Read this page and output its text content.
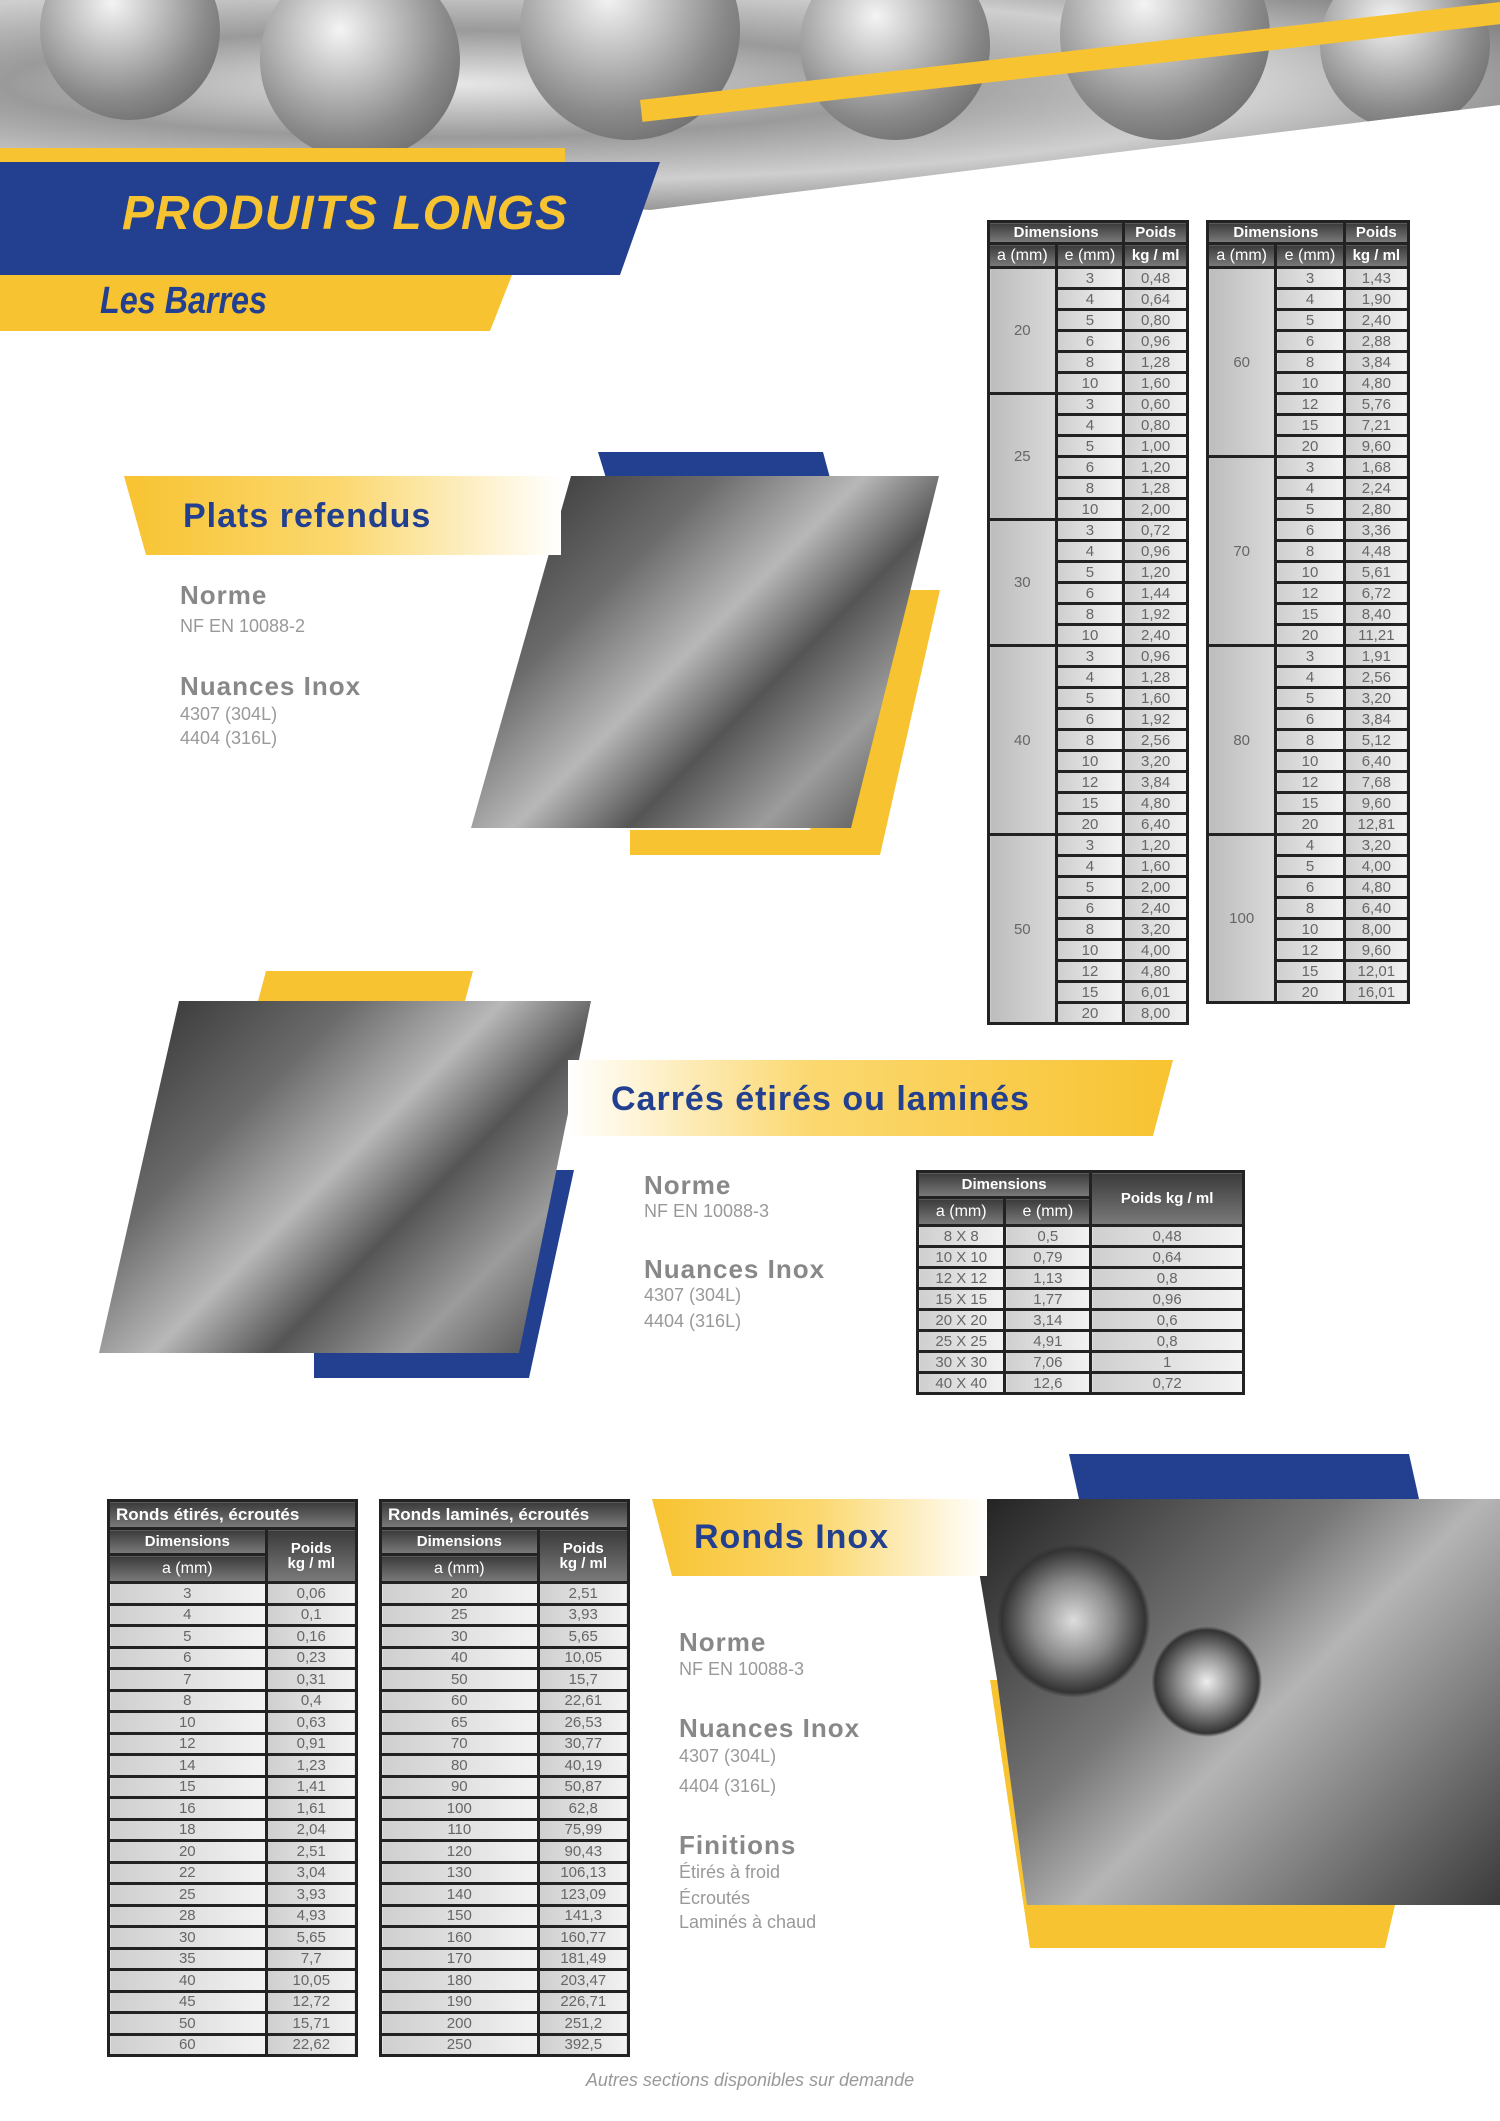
PRODUITS LONGS
Les Barres
Plats refendus
Norme
NF EN 10088-2
Nuances Inox
4307 (304L)
4404 (316L)
Dimensions		Poids
a (mm)	e (mm)	kg / ml
20	3	0,48
	4	0,64
	5	0,80
	6	0,96
	8	1,28
	10	1,60
25	3	0,60
	4	0,80
	5	1,00
	6	1,20
	8	1,28
	10	2,00
30	3	0,72
	4	0,96
	5	1,20
	6	1,44
	8	1,92
	10	2,40
40	3	0,96
	4	1,28
	5	1,60
	6	1,92
	8	2,56
	10	3,20
	12	3,84
	15	4,80
	20	6,40
50	3	1,20
	4	1,60
	5	2,00
	6	2,40
	8	3,20
	10	4,00
	12	4,80
	15	6,01
	20	8,00
Dimensions		Poids
a (mm)	e (mm)	kg / ml
60	3	1,43
	4	1,90
	5	2,40
	6	2,88
	8	3,84
	10	4,80
	12	5,76
	15	7,21
	20	9,60
70	3	1,68
	4	2,24
	5	2,80
	6	3,36
	8	4,48
	10	5,61
	12	6,72
	15	8,40
	20	11,21
80	3	1,91
	4	2,56
	5	3,20
	6	3,84
	8	5,12
	10	6,40
	12	7,68
	15	9,60
	20	12,81
100	4	3,20
	5	4,00
	6	4,80
	8	6,40
	10	8,00
	12	9,60
	15	12,01
	20	16,01
Carrés étirés ou laminés
Norme
NF EN 10088-3
Nuances Inox
4307 (304L)
4404 (316L)
Dimensions		Poids kg / ml
a (mm)	e (mm)	
8 X 8	0,5	0,48
10 X 10	0,79	0,64
12 X 12	1,13	0,8
15 X 15	1,77	0,96
20 X 20	3,14	0,6
25 X 25	4,91	0,8
30 X 30	7,06	1
40 X 40	12,6	0,72
Ronds Inox
Norme
NF EN 10088-3
Nuances Inox
4307 (304L)
4404 (316L)
Finitions
Étirés à froid
Écroutés
Laminés à chaud
Ronds étirés, écroutés	
Dimensions	Poids
kg / ml
a (mm)	
3	0,06
4	0,1
5	0,16
6	0,23
7	0,31
8	0,4
10	0,63
12	0,91
14	1,23
15	1,41
16	1,61
18	2,04
20	2,51
22	3,04
25	3,93
28	4,93
30	5,65
35	7,7
40	10,05
45	12,72
50	15,71
60	22,62
Ronds laminés, écroutés	
Dimensions	Poids
kg / ml
a (mm)	
20	2,51
25	3,93
30	5,65
40	10,05
50	15,7
60	22,61
65	26,53
70	30,77
80	40,19
90	50,87
100	62,8
110	75,99
120	90,43
130	106,13
140	123,09
150	141,3
160	160,77
170	181,49
180	203,47
190	226,71
200	251,2
250	392,5
Autres sections disponibles sur demande
